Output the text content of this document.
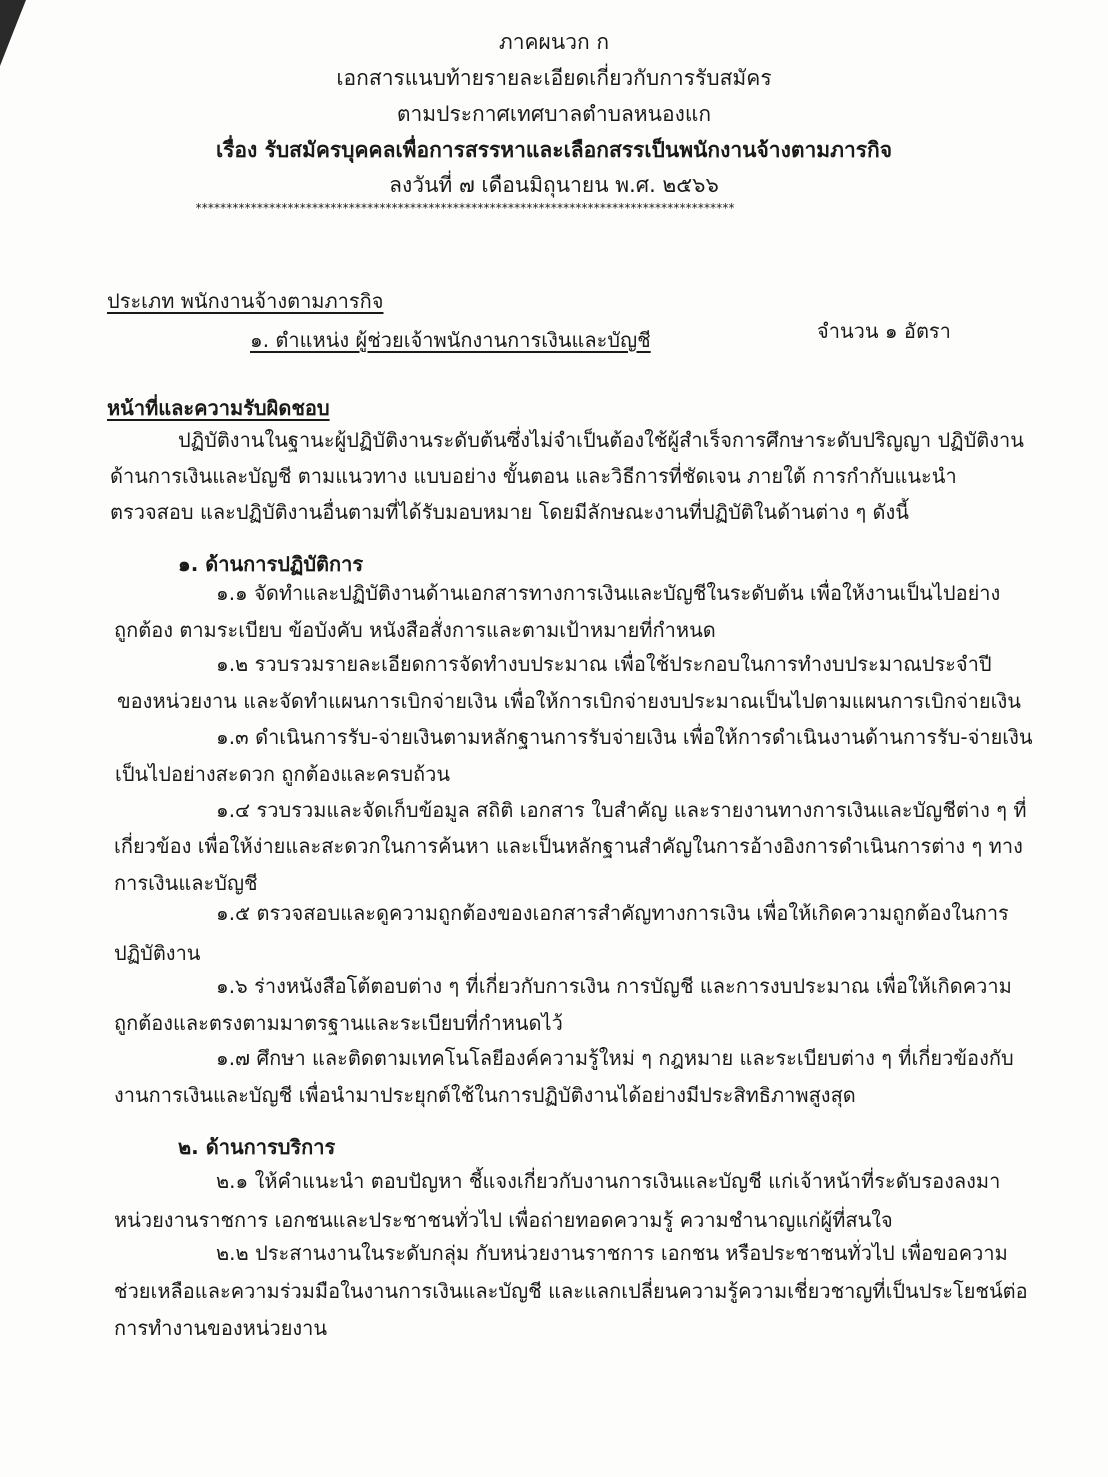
ภาคผนวก ก
เอกสารแนบท้ายรายละเอียดเกี่ยวกับการรับสมัคร
ตามประกาศเทศบาลตำบลหนองแก
เรื่อง รับสมัครบุคคลเพื่อการสรรหาและเลือกสรรเป็นพนักงานจ้างตามภารกิจ
ลงวันที่ ๗ เดือนมิถุนายน พ.ศ. ๒๕๖๖
****************************************************************************************
ประเภท พนักงานจ้างตามภารกิจ
๑. ตำแหน่ง ผู้ช่วยเจ้าพนักงานการเงินและบัญชี	จำนวน ๑ อัตรา
หน้าที่และความรับผิดชอบ
ปฏิบัติงานในฐานะผู้ปฏิบัติงานระดับต้นซึ่งไม่จำเป็นต้องใช้ผู้สำเร็จการศึกษาระดับปริญญา ปฏิบัติงาน
ด้านการเงินและบัญชี ตามแนวทาง แบบอย่าง ขั้นตอน และวิธีการที่ชัดเจน ภายใต้ การกำกับแนะนำ
ตรวจสอบ และปฏิบัติงานอื่นตามที่ได้รับมอบหมาย โดยมีลักษณะงานที่ปฏิบัติในด้านต่าง ๆ ดังนี้
๑. ด้านการปฏิบัติการ
๑.๑ จัดทำและปฏิบัติงานด้านเอกสารทางการเงินและบัญชีในระดับต้น เพื่อให้งานเป็นไปอย่าง
ถูกต้อง ตามระเบียบ ข้อบังคับ หนังสือสั่งการและตามเป้าหมายที่กำหนด
๑.๒ รวบรวมรายละเอียดการจัดทำงบประมาณ เพื่อใช้ประกอบในการทำงบประมาณประจำปี
ของหน่วยงาน และจัดทำแผนการเบิกจ่ายเงิน เพื่อให้การเบิกจ่ายงบประมาณเป็นไปตามแผนการเบิกจ่ายเงิน
๑.๓ ดำเนินการรับ-จ่ายเงินตามหลักฐานการรับจ่ายเงิน เพื่อให้การดำเนินงานด้านการรับ-จ่ายเงิน
เป็นไปอย่างสะดวก ถูกต้องและครบถ้วน
๑.๔ รวบรวมและจัดเก็บข้อมูล สถิติ เอกสาร ใบสำคัญ และรายงานทางการเงินและบัญชีต่าง ๆ ที่
เกี่ยวข้อง เพื่อให้ง่ายและสะดวกในการค้นหา และเป็นหลักฐานสำคัญในการอ้างอิงการดำเนินการต่าง ๆ ทาง
การเงินและบัญชี
๑.๕ ตรวจสอบและดูความถูกต้องของเอกสารสำคัญทางการเงิน เพื่อให้เกิดความถูกต้องในการ
ปฏิบัติงาน
๑.๖ ร่างหนังสือโต้ตอบต่าง ๆ ที่เกี่ยวกับการเงิน การบัญชี และการงบประมาณ เพื่อให้เกิดความ
ถูกต้องและตรงตามมาตรฐานและระเบียบที่กำหนดไว้
๑.๗ ศึกษา และติดตามเทคโนโลยีองค์ความรู้ใหม่ ๆ กฎหมาย และระเบียบต่าง ๆ ที่เกี่ยวข้องกับ
งานการเงินและบัญชี เพื่อนำมาประยุกต์ใช้ในการปฏิบัติงานได้อย่างมีประสิทธิภาพสูงสุด
๒. ด้านการบริการ
๒.๑ ให้คำแนะนำ ตอบปัญหา ชี้แจงเกี่ยวกับงานการเงินและบัญชี แก่เจ้าหน้าที่ระดับรองลงมา
หน่วยงานราชการ เอกชนและประชาชนทั่วไป เพื่อถ่ายทอดความรู้ ความชำนาญแก่ผู้ที่สนใจ
๒.๒ ประสานงานในระดับกลุ่ม กับหน่วยงานราชการ เอกชน หรือประชาชนทั่วไป เพื่อขอความ
ช่วยเหลือและความร่วมมือในงานการเงินและบัญชี และแลกเปลี่ยนความรู้ความเชี่ยวชาญที่เป็นประโยชน์ต่อ
การทำงานของหน่วยงาน
